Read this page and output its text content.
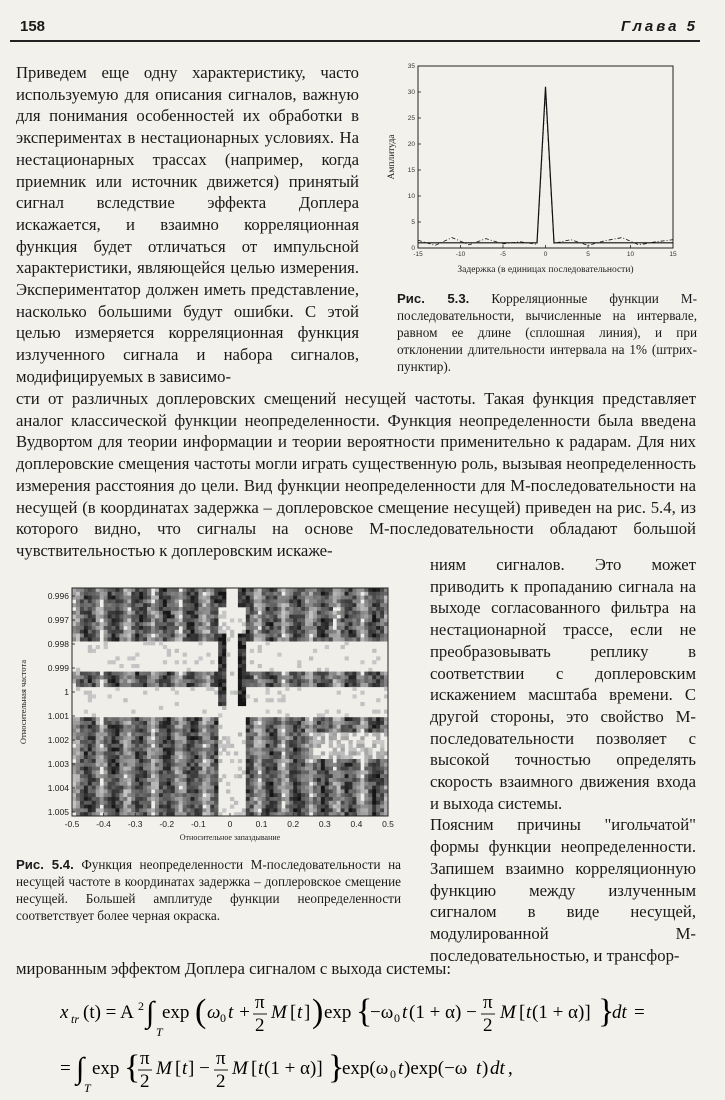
158	Глава 5

Приведем еще одну характеристику, часто используемую для описания сигналов, важную для понимания особенностей их обработки в экспериментах в нестационарных условиях. На нестационарных трассах (например, когда приемник или источник движется) принятый сигнал вследствие эффекта Доплера искажается, и взаимно корреляционная функция будет отличаться от импульсной характеристики, являющейся целью измерения. Экспериментатор должен иметь представление, насколько большими будут ошибки. С этой целью измеряется корреляционная функция излученного сигнала и набора сигналов, модифицируемых в зависимо-

0
5
10
15
20
25
30
35
-15	-10	-5	0	5	10	15
Задержка (в единицах последовательности)
Амплитуда
Рис. 5.3. Корреляционные функции M-последовательности, вычисленные на интервале, равном ее длине (сплошная линия), и при отклонении длительности интервала на 1% (штрих-пунктир).

сти от различных доплеровских смещений несущей частоты. Такая функция представляет аналог классической функции неопределенности. Функция неопределенности была введена Вудвортом для теории информации и теории вероятности применительно к радарам. Для них доплеровские смещения частоты могли играть существенную роль, вызывая неопределенность измерения расстояния до цели. Вид функции неопределенности для M-последовательности на несущей (в координатах задержка – доплеровское смещение несущей) приведен на рис. 5.4, из которого видно, что сигналы на основе M-последовательности обладают большой чувствительностью к доплеровским искаже-

0.996
0.997
0.998
0.999
1
1.001
1.002
1.003
1.004
1.005
-0.5 -0.4 -0.3 -0.2 -0.1	0	0.1 0.2 0.3 0.4 0.5
Относительное запаздывание
Относительная частота
Рис. 5.4. Функция неопределенности M-последовательности на несущей частоте в координатах задержка – доплеровское смещение несущей. Большей амплитуде функции неопределенности соответствует более черная окраска.

ниям сигналов. Это может приводить к пропаданию сигнала на выходе согласованного фильтра на нестационарной трассе, если не преобразовывать реплику в соответствии с доплеровским искажением масштаба времени. С другой стороны, это свойство M-последовательности позволяет с высокой точностью определять скорость взаимного движения входа и выхода системы.

Поясним причины "игольчатой" формы функции неопределенности. Запишем взаимно корреляционную функцию между излученным сигналом в виде несущей, модулированной M-последовательностью, и трансфор-

мированным эффектом Доплера сигналом с выхода системы:

x tr (t) = A 2 ∫
T
exp ( ω 0 t + π
2
M [ t ] ) exp {
−ω 0 t (1 + α) − π
2
M [ t (1 + α)] }
dt =
= ∫
T
exp { π
2
M [ t ] − π
2
M [ t (1 + α)] }
exp(ω 0 t )exp(−ω t ) dt ,
